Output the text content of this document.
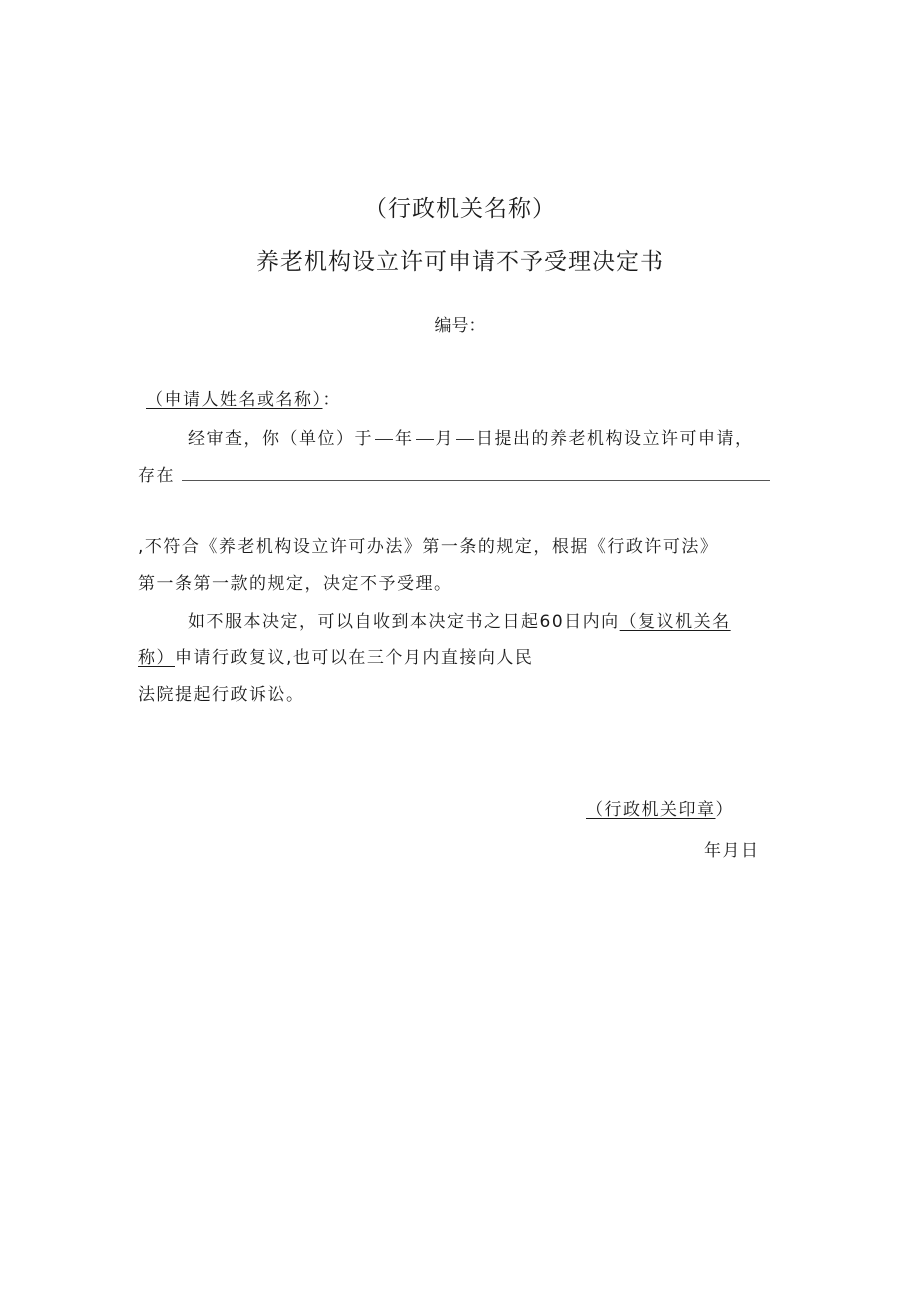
（行政机关名称）
养老机构设立许可申请不予受理决定书
编号：
（申请人姓名或名称）：
经审查，你（单位）于 年 月 日提出的养老机构设立许可申请，
存在
,不符合《养老机构设立许可办法》第一条的规定，根据《行政许可法》
第一条第一款的规定，决定不予受理。
如不服本决定，可以自收到本决定书之日起60日内向（复议机关名
称）申请行政复议,也可以在三个月内直接向人民
法院提起行政诉讼。
（行政机关印章）
年月日
